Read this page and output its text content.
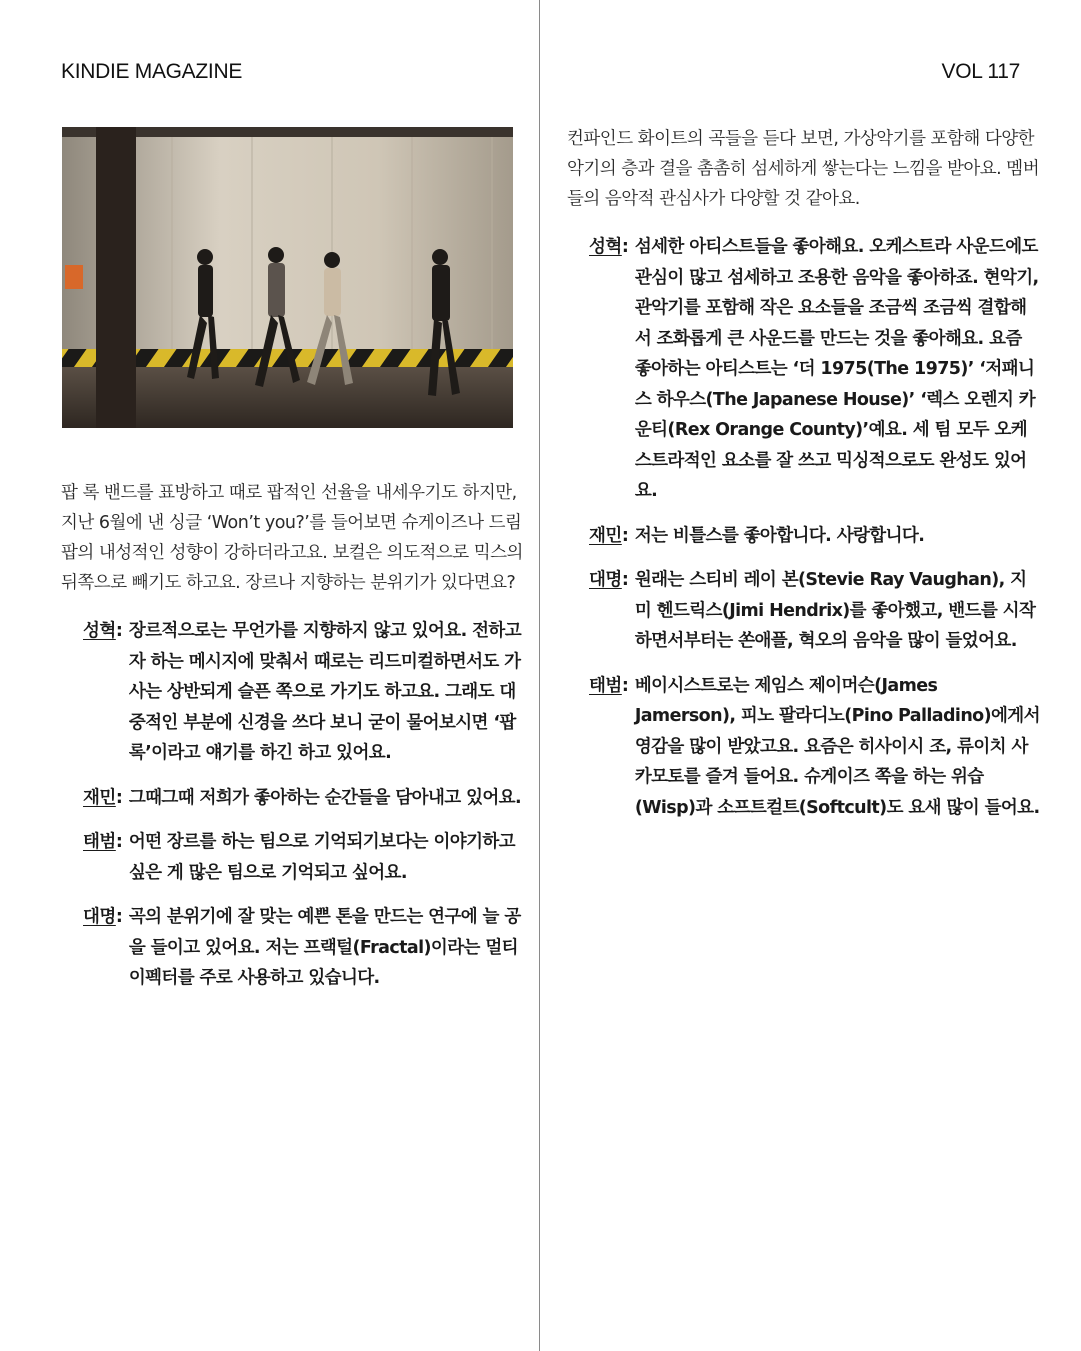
KINDIE MAGAZINE	VOL 117

팝 록 밴드를 표방하고 때로 팝적인 선율을 내세우기도 하지만, 지난 6월에 낸 싱글 ‘Won’t you?’를 들어보면 슈게이즈나 드림 팝의 내성적인 성향이 강하더라고요. 보컬은 의도적으로 믹스의 뒤쪽으로 빼기도 하고요. 장르나 지향하는 분위기가 있다면요?

성혁 : 장르적으로는 무언가를 지향하지 않고 있어요. 전하고자 하는 메시지에 맞춰서 때로는 리드미컬하면서도 가사는 상반되게 슬픈 쪽으로 가기도 하고요. 그래도 대중적인 부분에 신경을 쓰다 보니 굳이 물어보시면 ‘팝 록’이라고 얘기를 하긴 하고 있어요.
재민 : 그때그때 저희가 좋아하는 순간들을 담아내고 있어요.
태범 : 어떤 장르를 하는 팀으로 기억되기보다는 이야기하고 싶은 게 많은 팀으로 기억되고 싶어요.
대명 : 곡의 분위기에 잘 맞는 예쁜 톤을 만드는 연구에 늘 공을 들이고 있어요. 저는 프랙털(Fractal)이라는 멀티 이펙터를 주로 사용하고 있습니다.

컨파인드 화이트의 곡들을 듣다 보면, 가상악기를 포함해 다양한 악기의 층과 결을 촘촘히 섬세하게 쌓는다는 느낌을 받아요. 멤버들의 음악적 관심사가 다양할 것 같아요.

성혁 : 섬세한 아티스트들을 좋아해요. 오케스트라 사운드에도 관심이 많고 섬세하고 조용한 음악을 좋아하죠. 현악기, 관악기를 포함해 작은 요소들을 조금씩 조금씩 결합해서 조화롭게 큰 사운드를 만드는 것을 좋아해요. 요즘 좋아하는 아티스트는 ‘더 1975(The 1975)’ ‘저패니스 하우스(The Japanese House)’ ‘렉스 오렌지 카운티(Rex Orange County)’예요. 세 팀 모두 오케스트라적인 요소를 잘 쓰고 믹싱적으로도 완성도 있어요.
재민 : 저는 비틀스를 좋아합니다. 사랑합니다.
대명 : 원래는 스티비 레이 본(Stevie Ray Vaughan), 지미 헨드릭스(Jimi Hendrix)를 좋아했고, 밴드를 시작하면서부터는 쏜애플, 혁오의 음악을 많이 들었어요.
태범 : 베이시스트로는 제임스 제이머슨(James Jamerson), 피노 팔라디노(Pino Palladino)에게서 영감을 많이 받았고요. 요즘은 히사이시 조, 류이치 사카모토를 즐겨 들어요. 슈게이즈 쪽을 하는 위습(Wisp)과 소프트컬트(Softcult)도 요새 많이 들어요.
